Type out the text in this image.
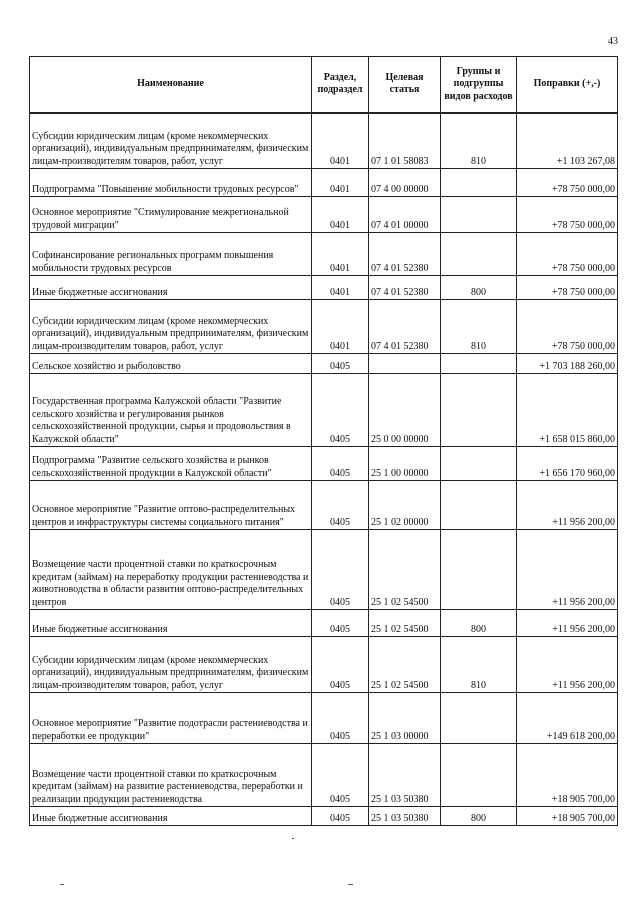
43
Наименование	Раздел, подраздел	Целевая статья	Группы и подгруппы видов расходов	Поправки (+,-)
Субсидии юридическим лицам (кроме некоммерческих организаций), индивидуальным предпринимателям, физическим лицам-производителям товаров, работ, услуг	0401	07 1 01 58083	810	+1 103 267,08
Подпрограмма "Повышение мобильности трудовых ресурсов"	0401	07 4 00 00000		+78 750 000,00
Основное мероприятие "Стимулирование межрегиональной трудовой миграции"	0401	07 4 01 00000		+78 750 000,00
Софинансирование региональных программ повышения мобильности трудовых ресурсов	0401	07 4 01 52380		+78 750 000,00
Иные бюджетные ассигнования	0401	07 4 01 52380	800	+78 750 000,00
Субсидии юридическим лицам (кроме некоммерческих организаций), индивидуальным предпринимателям, физическим лицам-производителям товаров, работ, услуг	0401	07 4 01 52380	810	+78 750 000,00
Сельское хозяйство и рыболовство	0405			+1 703 188 260,00
Государственная программа Калужской области "Развитие сельского хозяйства и регулирования рынков сельскохозяйственной продукции, сырья и продовольствия в Калужской области"	0405	25 0 00 00000		+1 658 015 860,00
Подпрограмма "Развитие сельского хозяйства и рынков сельскохозяйственной продукции в Калужской области"	0405	25 1 00 00000		+1 656 170 960,00
Основное мероприятие "Развитие оптово-распределительных центров и инфраструктуры системы социального питания"	0405	25 1 02 00000		+11 956 200,00
Возмещение части процентной ставки по краткосрочным кредитам (займам) на переработку продукции растениеводства и животноводства в области развития оптово-распределительных центров	0405	25 1 02 54500		+11 956 200,00
Иные бюджетные ассигнования	0405	25 1 02 54500	800	+11 956 200,00
Субсидии юридическим лицам (кроме некоммерческих организаций), индивидуальным предпринимателям, физическим лицам-производителям товаров, работ, услуг	0405	25 1 02 54500	810	+11 956 200,00
Основное мероприятие "Развитие подотрасли растениеводства и переработки ее продукции"	0405	25 1 03 00000		+149 618 200,00
Возмещение части процентной ставки по краткосрочным кредитам (займам) на развитие растениеводства, переработки и реализации продукции растениеводства	0405	25 1 03 50380		+18 905 700,00
Иные бюджетные ассигнования	0405	25 1 03 50380	800	+18 905 700,00
